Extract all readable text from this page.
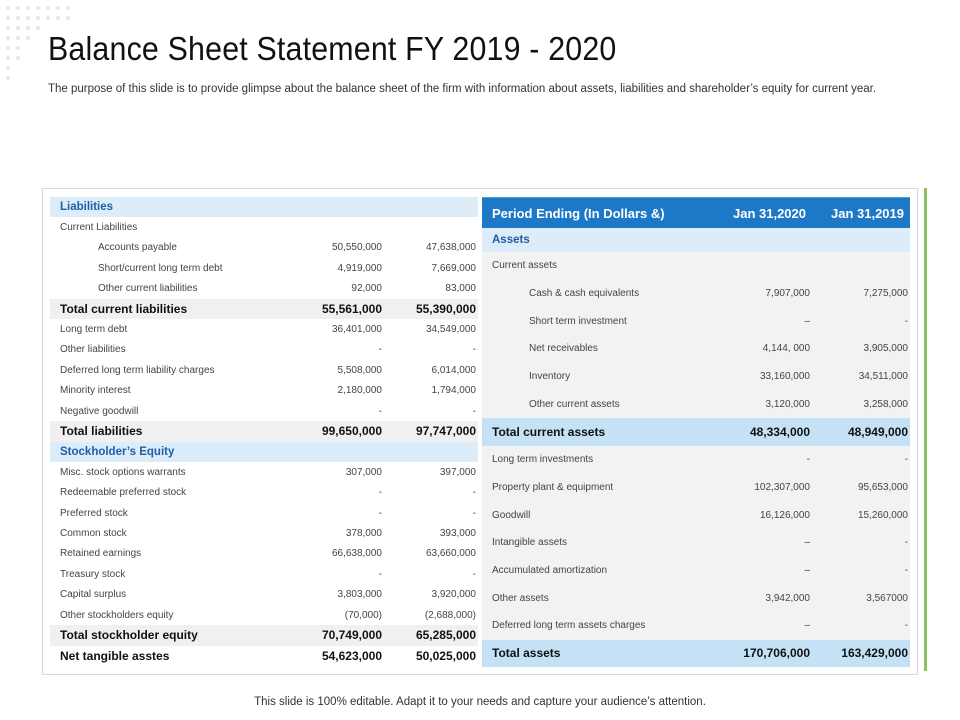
Balance Sheet Statement FY 2019 - 2020
The purpose of this slide is to provide glimpse about the balance sheet of the firm with information about assets, liabilities and shareholder’s equity for current year.
Liabilities
Current Liabilities
Accounts payable	50,550,000	47,638,000
Short/current long term debt	4,919,000	7,669,000
Other current liabilities	92,000	83,000
Total current liabilities	55,561,000	55,390,000
Long term debt	36,401,000	34,549,000
Other liabilities	-	-
Deferred long term liability charges	5,508,000	6,014,000
Minority interest	2,180,000	1,794,000
Negative goodwill	-	-
Total liabilities	99,650,000	97,747,000
Stockholder’s Equity
Misc. stock options warrants	307,000	397,000
Redeemable preferred stock	-	-
Preferred stock	-	-
Common stock	378,000	393,000
Retained earnings	66,638,000	63,660,000
Treasury stock	-	-
Capital surplus	3,803,000	3,920,000
Other stockholders equity	(70,000)	(2,688,000)
Total stockholder equity	70,749,000	65,285,000
Net tangible asstes	54,623,000	50,025,000
Period Ending (In Dollars &)	Jan 31,2020	Jan 31,2019
Assets
Current assets
Cash & cash equivalents	7,907,000	7,275,000
Short term investment	–	-
Net receivables	4,144, 000	3,905,000
Inventory	33,160,000	34,511,000
Other current assets	3,120,000	3,258,000
Total current assets	48,334,000	48,949,000
Long term investments	-	-
Property plant & equipment	102,307,000	95,653,000
Goodwill	16,126,000	15,260,000
Intangible assets	–	-
Accumulated amortization	–	-
Other assets	3,942,000	3,567000
Deferred long term assets charges	–	-
Total assets	170,706,000	163,429,000
This slide is 100% editable. Adapt it to your needs and capture your audience’s attention.
